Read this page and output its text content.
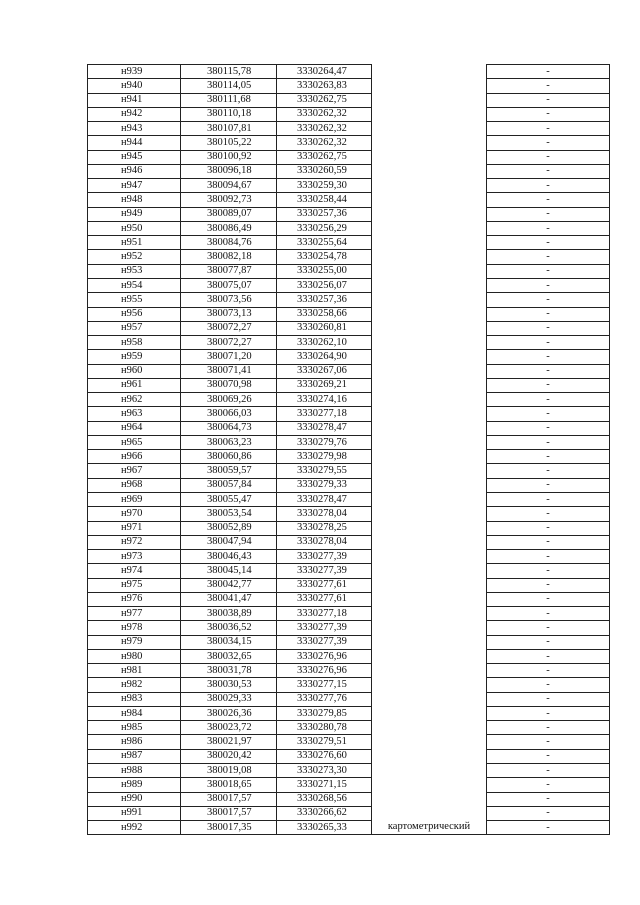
н939	380115,78	3330264,47		-
н940	380114,05	3330263,83		-
н941	380111,68	3330262,75		-
н942	380110,18	3330262,32		-
н943	380107,81	3330262,32		-
н944	380105,22	3330262,32		-
н945	380100,92	3330262,75		-
н946	380096,18	3330260,59		-
н947	380094,67	3330259,30		-
н948	380092,73	3330258,44		-
н949	380089,07	3330257,36		-
н950	380086,49	3330256,29		-
н951	380084,76	3330255,64		-
н952	380082,18	3330254,78		-
н953	380077,87	3330255,00		-
н954	380075,07	3330256,07		-
н955	380073,56	3330257,36		-
н956	380073,13	3330258,66		-
н957	380072,27	3330260,81		-
н958	380072,27	3330262,10		-
н959	380071,20	3330264,90		-
н960	380071,41	3330267,06		-
н961	380070,98	3330269,21		-
н962	380069,26	3330274,16		-
н963	380066,03	3330277,18		-
н964	380064,73	3330278,47		-
н965	380063,23	3330279,76		-
н966	380060,86	3330279,98		-
н967	380059,57	3330279,55		-
н968	380057,84	3330279,33		-
н969	380055,47	3330278,47		-
н970	380053,54	3330278,04		-
н971	380052,89	3330278,25		-
н972	380047,94	3330278,04		-
н973	380046,43	3330277,39		-
н974	380045,14	3330277,39		-
н975	380042,77	3330277,61		-
н976	380041,47	3330277,61		-
н977	380038,89	3330277,18		-
н978	380036,52	3330277,39		-
н979	380034,15	3330277,39		-
н980	380032,65	3330276,96		-
н981	380031,78	3330276,96		-
н982	380030,53	3330277,15		-
н983	380029,33	3330277,76		-
н984	380026,36	3330279,85		-
н985	380023,72	3330280,78		-
н986	380021,97	3330279,51		-
н987	380020,42	3330276,60		-
н988	380019,08	3330273,30		-
н989	380018,65	3330271,15		-
н990	380017,57	3330268,56		-
н991	380017,57	3330266,62		-
н992	380017,35	3330265,33	картометрический	-
